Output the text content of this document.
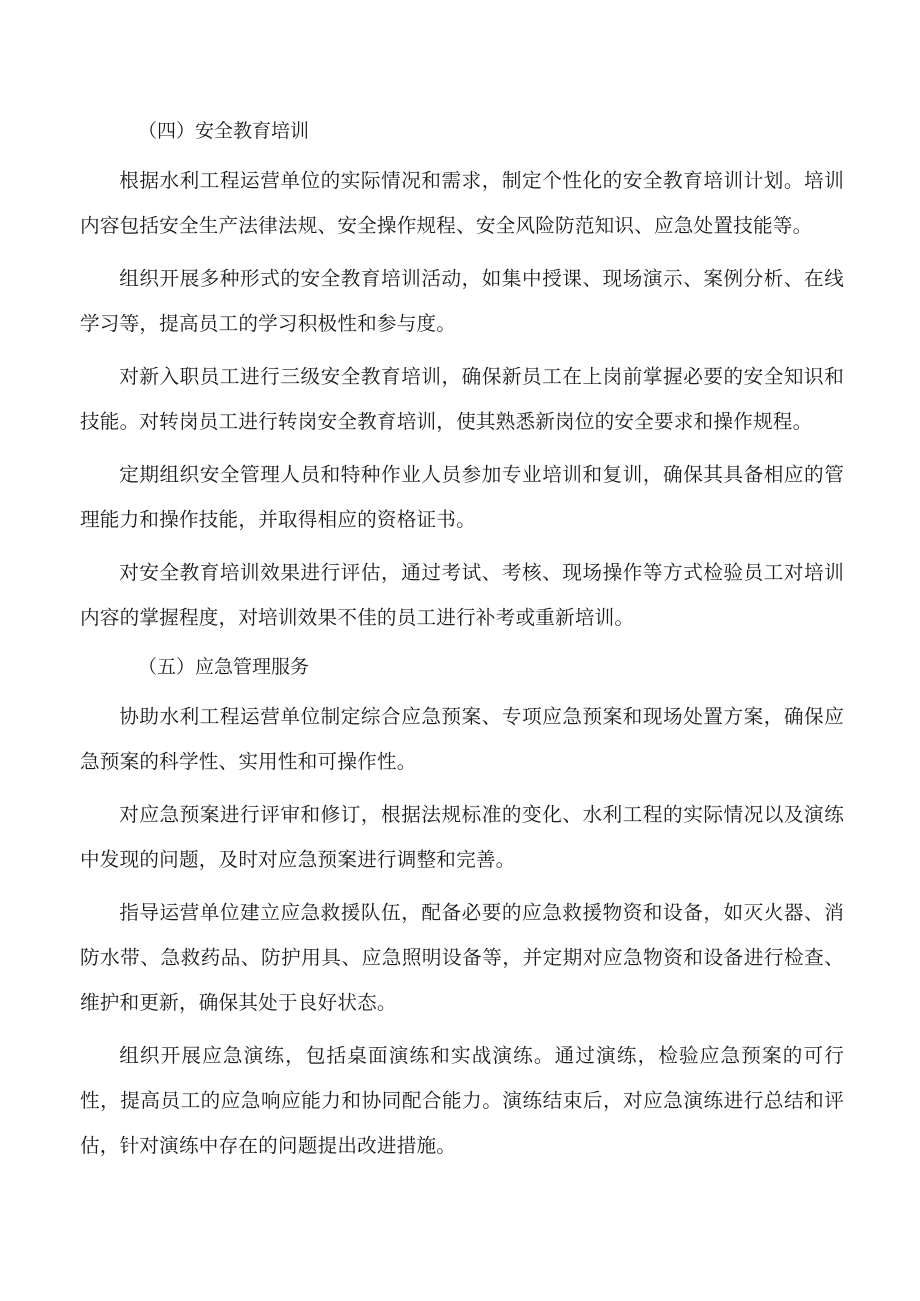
（四）安全教育培训

根据水利工程运营单位的实际情况和需求，制定个性化的安全教育培训计划。培训内容包括安全生产法律法规、安全操作规程、安全风险防范知识、应急处置技能等。

组织开展多种形式的安全教育培训活动，如集中授课、现场演示、案例分析、在线学习等，提高员工的学习积极性和参与度。

对新入职员工进行三级安全教育培训，确保新员工在上岗前掌握必要的安全知识和技能。对转岗员工进行转岗安全教育培训，使其熟悉新岗位的安全要求和操作规程。

定期组织安全管理人员和特种作业人员参加专业培训和复训，确保其具备相应的管理能力和操作技能，并取得相应的资格证书。

对安全教育培训效果进行评估，通过考试、考核、现场操作等方式检验员工对培训内容的掌握程度，对培训效果不佳的员工进行补考或重新培训。

（五）应急管理服务

协助水利工程运营单位制定综合应急预案、专项应急预案和现场处置方案，确保应急预案的科学性、实用性和可操作性。

对应急预案进行评审和修订，根据法规标准的变化、水利工程的实际情况以及演练中发现的问题，及时对应急预案进行调整和完善。

指导运营单位建立应急救援队伍，配备必要的应急救援物资和设备，如灭火器、消防水带、急救药品、防护用具、应急照明设备等，并定期对应急物资和设备进行检查、维护和更新，确保其处于良好状态。

组织开展应急演练，包括桌面演练和实战演练。通过演练，检验应急预案的可行性，提高员工的应急响应能力和协同配合能力。演练结束后，对应急演练进行总结和评估，针对演练中存在的问题提出改进措施。
